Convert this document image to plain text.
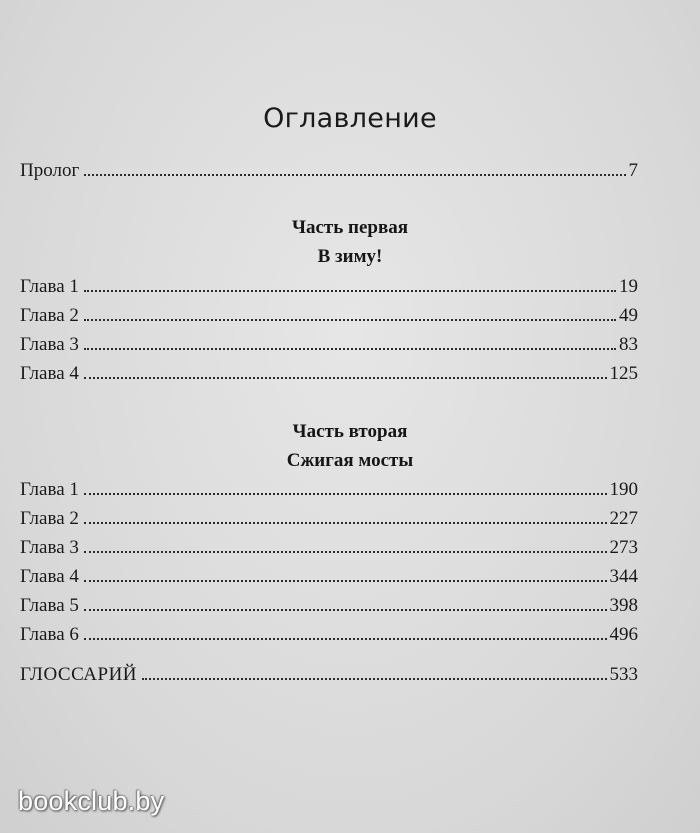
Оглавление
Пролог	7
Часть первая
В зиму!
Глава 1	19
Глава 2	49
Глава 3	83
Глава 4	125
Часть вторая
Сжигая мосты
Глава 1	190
Глава 2	227
Глава 3	273
Глава 4	344
Глава 5	398
Глава 6	496
ГЛОССАРИЙ	533
bookclub.by
